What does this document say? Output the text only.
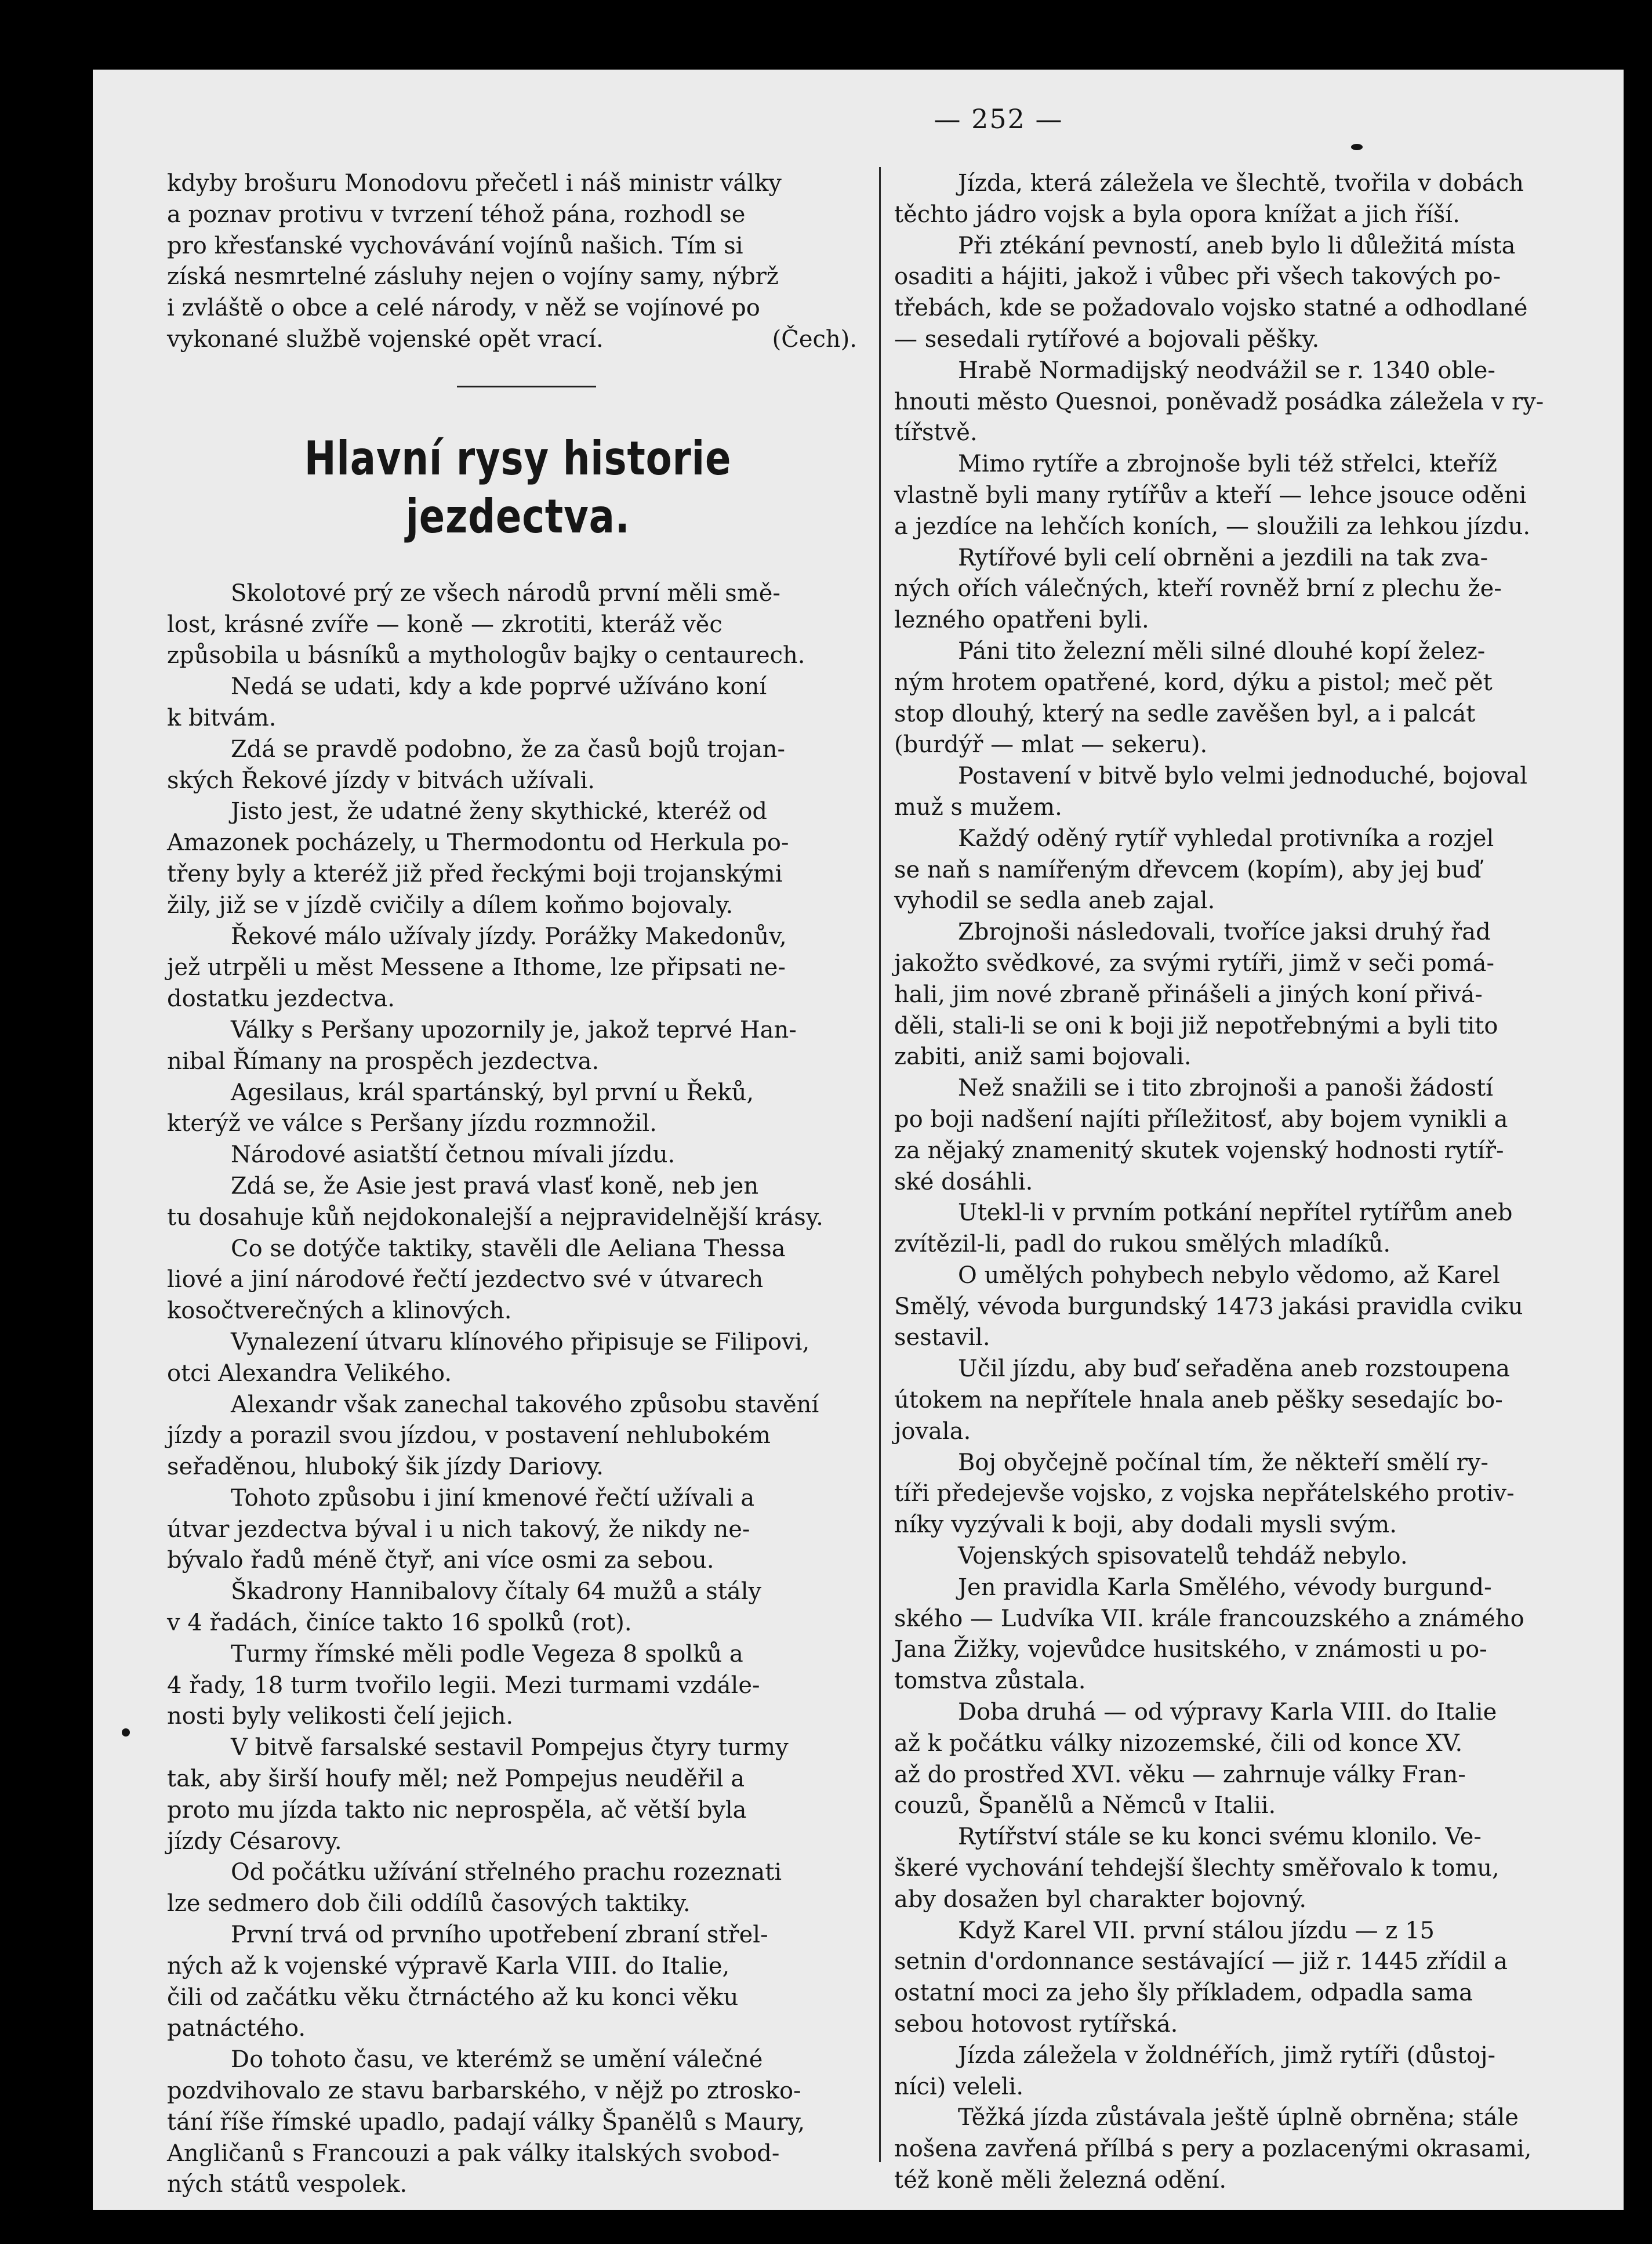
— 252 —
kdyby brošuru Monodovu přečetl i náš ministr války
a poznav protivu v tvrzení téhož pána, rozhodl se
pro křesťanské vychovávání vojínů našich. Tím si
získá nesmrtelné zásluhy nejen o vojíny samy, nýbrž
i zvláště o obce a celé národy, v něž se vojínové po
vykonané službě vojenské opět vrací.	(Čech).
Hlavní rysy historie jezdectva.
Skolotové prý ze všech národů první měli smě-
lost, krásné zvíře — koně — zkrotiti, kteráž věc
způsobila u básníků a mythologův bajky o centaurech.
Nedá se udati, kdy a kde poprvé užíváno koní
k bitvám.
Zdá se pravdě podobno, že za časů bojů trojan-
ských Řekové jízdy v bitvách užívali.
Jisto jest, že udatné ženy skythické, kteréž od
Amazonek pocházely, u Thermodontu od Herkula po-
třeny byly a kteréž již před řeckými boji trojanskými
žily, již se v jízdě cvičily a dílem koňmo bojovaly.
Řekové málo užívaly jízdy. Porážky Makedonův,
jež utrpěli u měst Messene a Ithome, lze připsati ne-
dostatku jezdectva.
Války s Peršany upozornily je, jakož teprvé Han-
nibal Římany na prospěch jezdectva.
Agesilaus, král spartánský, byl první u Řeků,
kterýž ve válce s Peršany jízdu rozmnožil.
Národové asiatští četnou mívali jízdu.
Zdá se, že Asie jest pravá vlasť koně, neb jen
tu dosahuje kůň nejdokonalejší a nejpravidelnější krásy.
Co se dotýče taktiky, stavěli dle Aeliana Thessa
liové a jiní národové řečtí jezdectvo své v útvarech
kosočtverečných a klinových.
Vynalezení útvaru klínového připisuje se Filipovi,
otci Alexandra Velikého.
Alexandr však zanechal takového způsobu stavění
jízdy a porazil svou jízdou, v postavení nehlubokém
seřaděnou, hluboký šik jízdy Dariovy.
Tohoto způsobu i jiní kmenové řečtí užívali a
útvar jezdectva býval i u nich takový, že nikdy ne-
bývalo řadů méně čtyř, ani více osmi za sebou.
Škadrony Hannibalovy čítaly 64 mužů a stály
v 4 řadách, činíce takto 16 spolků (rot).
Turmy římské měli podle Vegeza 8 spolků a
4 řady, 18 turm tvořilo legii. Mezi turmami vzdále-
nosti byly velikosti čelí jejich.
V bitvě farsalské sestavil Pompejus čtyry turmy
tak, aby širší houfy měl; než Pompejus neuděřil a
proto mu jízda takto nic neprospěla, ač větší byla
jízdy Césarovy.
Od počátku užívání střelného prachu rozeznati
lze sedmero dob čili oddílů časových taktiky.
První trvá od prvního upotřebení zbraní střel-
ných až k vojenské výpravě Karla VIII. do Italie,
čili od začátku věku čtrnáctého až ku konci věku
patnáctého.
Do tohoto času, ve kterémž se umění válečné
pozdvihovalo ze stavu barbarského, v nějž po ztrosko-
tání říše římské upadlo, padají války Španělů s Maury,
Angličanů s Francouzi a pak války italských svobod-
ných států vespolek.
Jízda, která záležela ve šlechtě, tvořila v dobách
těchto jádro vojsk a byla opora knížat a jich říší.
Při ztékání pevností, aneb bylo li důležitá místa
osaditi a hájiti, jakož i vůbec při všech takových po-
třebách, kde se požadovalo vojsko statné a odhodlané
— sesedali rytířové a bojovali pěšky.
Hrabě Normadijský neodvážil se r. 1340 oble-
hnouti město Quesnoi, poněvadž posádka záležela v ry-
tířstvě.
Mimo rytíře a zbrojnoše byli též střelci, kteříž
vlastně byli many rytířův a kteří — lehce jsouce oděni
a jezdíce na lehčích koních, — sloužili za lehkou jízdu.
Rytířové byli celí obrněni a jezdili na tak zva-
ných ořích válečných, kteří rovněž brní z plechu že-
lezného opatřeni byli.
Páni tito železní měli silné dlouhé kopí želez-
ným hrotem opatřené, kord, dýku a pistol; meč pět
stop dlouhý, který na sedle zavěšen byl, a i palcát
(burdýř — mlat — sekeru).
Postavení v bitvě bylo velmi jednoduché, bojoval
muž s mužem.
Každý oděný rytíř vyhledal protivníka a rozjel
se naň s namířeným dřevcem (kopím), aby jej buď
vyhodil se sedla aneb zajal.
Zbrojnoši následovali, tvoříce jaksi druhý řad
jakožto svědkové, za svými rytíři, jimž v seči pomá-
hali, jim nové zbraně přinášeli a jiných koní přivá-
děli, stali-li se oni k boji již nepotřebnými a byli tito
zabiti, aniž sami bojovali.
Než snažili se i tito zbrojnoši a panoši žádostí
po boji nadšení najíti příležitosť, aby bojem vynikli a
za nějaký znamenitý skutek vojenský hodnosti rytíř-
ské dosáhli.
Utekl-li v prvním potkání nepřítel rytířům aneb
zvítězil-li, padl do rukou smělých mladíků.
O umělých pohybech nebylo vědomo, až Karel
Smělý, vévoda burgundský 1473 jakási pravidla cviku
sestavil.
Učil jízdu, aby buď seřaděna aneb rozstoupena
útokem na nepřítele hnala aneb pěšky sesedajíc bo-
jovala.
Boj obyčejně počínal tím, že někteří smělí ry-
tíři předejevše vojsko, z vojska nepřátelského protiv-
níky vyzývali k boji, aby dodali mysli svým.
Vojenských spisovatelů tehdáž nebylo.
Jen pravidla Karla Smělého, vévody burgund-
ského — Ludvíka VII. krále francouzského a známého
Jana Žižky, vojevůdce husitského, v známosti u po-
tomstva zůstala.
Doba druhá — od výpravy Karla VIII. do Italie
až k počátku války nizozemské, čili od konce XV.
až do prostřed XVI. věku — zahrnuje války Fran-
couzů, Španělů a Němců v Italii.
Rytířství stále se ku konci svému klonilo. Ve-
škeré vychování tehdejší šlechty směřovalo k tomu,
aby dosažen byl charakter bojovný.
Když Karel VII. první stálou jízdu — z 15
setnin d'ordonnance sestávající — již r. 1445 zřídil a
ostatní moci za jeho šly příkladem, odpadla sama
sebou hotovost rytířská.
Jízda záležela v žoldnéřích, jimž rytíři (důstoj-
níci) veleli.
Těžká jízda zůstávala ještě úplně obrněna; stále
nošena zavřená přílbá s pery a pozlacenými okrasami,
též koně měli železná odění.
